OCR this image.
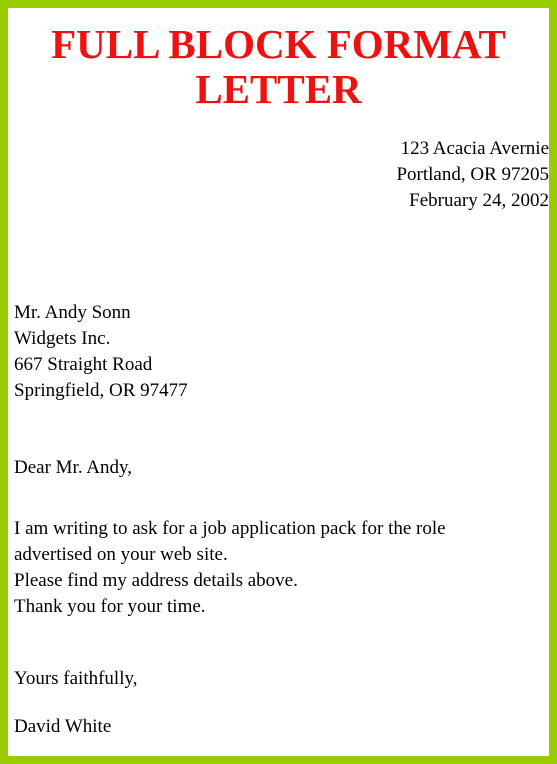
FULL BLOCK FORMAT
LETTER
123 Acacia Avernie
Portland, OR 97205
February 24, 2002
Mr. Andy Sonn
Widgets Inc.
667 Straight Road
Springfield, OR 97477
Dear Mr. Andy,
I am writing to ask for a job application pack for the role
advertised on your web site.
Please find my address details above.
Thank you for your time.
Yours faithfully,
David White
